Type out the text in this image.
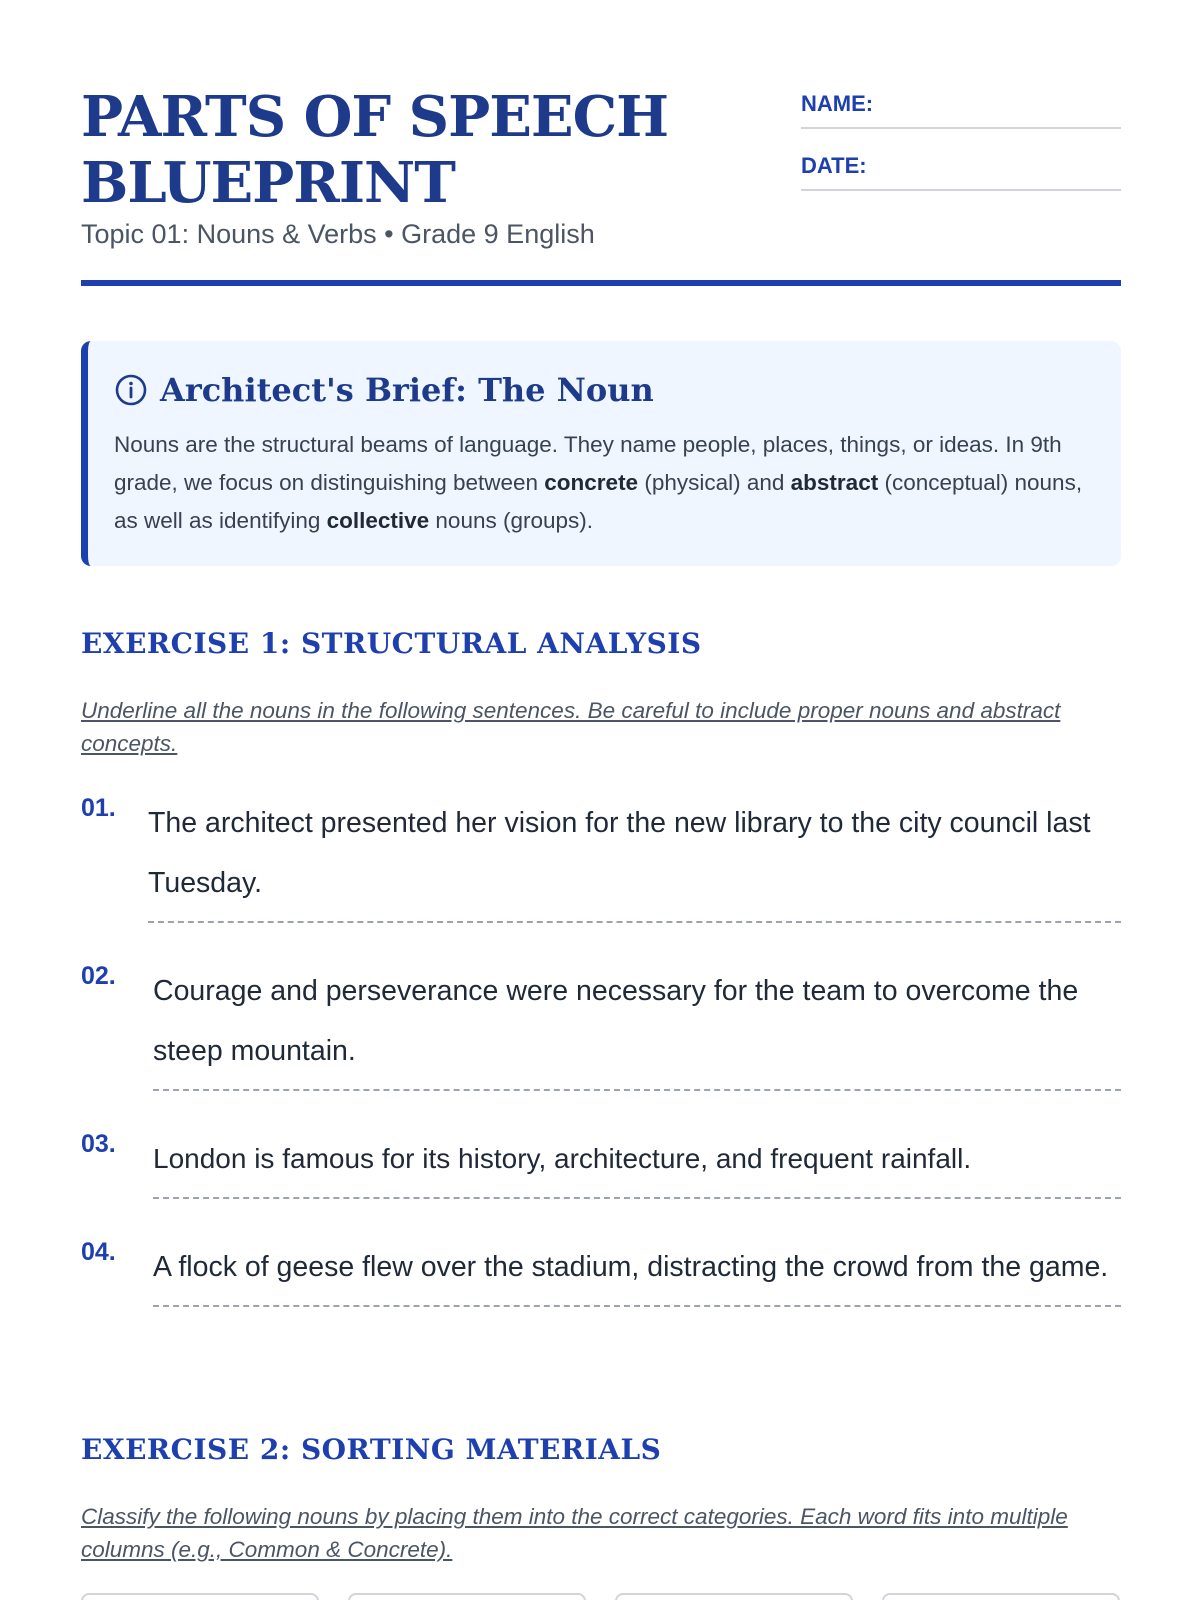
PARTS OF SPEECH
BLUEPRINT
Topic 01: Nouns & Verbs • Grade 9 English
NAME:
DATE:
Architect's Brief: The Noun

Nouns are the structural beams of language. They name people, places, things, or ideas. In 9th grade, we focus on distinguishing between concrete (physical) and abstract (conceptual) nouns, as well as identifying collective nouns (groups).

EXERCISE 1: STRUCTURAL ANALYSIS

Underline all the nouns in the following sentences. Be careful to include proper nouns and abstract concepts.

01. The architect presented her vision for the new library to the city council last Tuesday.
02. Courage and perseverance were necessary for the team to overcome the steep mountain.
03. London is famous for its history, architecture, and frequent rainfall.
04. A flock of geese flew over the stadium, distracting the crowd from the game.
EXERCISE 2: SORTING MATERIALS

Classify the following nouns by placing them into the correct categories. Each word fits into multiple columns (e.g., Common & Concrete).
